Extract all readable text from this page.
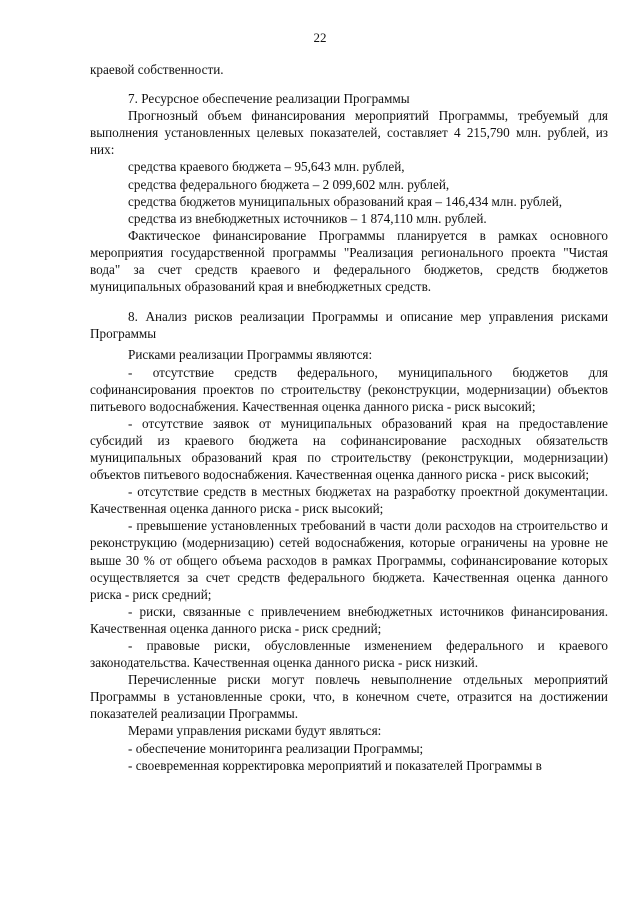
22

краевой собственности.

7. Ресурсное обеспечение реализации Программы

Прогнозный объем финансирования мероприятий Программы, требуемый для выполнения установленных целевых показателей, составляет 4 215,790 млн. рублей, из них:

средства краевого бюджета – 95,643 млн. рублей,

средства федерального бюджета – 2 099,602 млн. рублей,

средства бюджетов муниципальных образований края – 146,434 млн. рублей,

средства из внебюджетных источников – 1 874,110 млн. рублей.

Фактическое финансирование Программы планируется в рамках основного мероприятия государственной программы "Реализация регионального проекта "Чистая вода" за счет средств краевого и федерального бюджетов, средств бюджетов муниципальных образований края и внебюджетных средств.

8. Анализ рисков реализации Программы и описание мер управления рисками Программы

Рисками реализации Программы являются:

- отсутствие средств федерального, муниципального бюджетов для софинансирования проектов по строительству (реконструкции, модернизации) объектов питьевого водоснабжения. Качественная оценка данного риска - риск высокий;

- отсутствие заявок от муниципальных образований края на предоставление субсидий из краевого бюджета на софинансирование расходных обязательств муниципальных образований края по строительству (реконструкции, модернизации) объектов питьевого водоснабжения. Качественная оценка данного риска - риск высокий;

- отсутствие средств в местных бюджетах на разработку проектной документации. Качественная оценка данного риска - риск высокий;

- превышение установленных требований в части доли расходов на строительство и реконструкцию (модернизацию) сетей водоснабжения, которые ограничены на уровне не выше 30 % от общего объема расходов в рамках Программы, софинансирование которых осуществляется за счет средств федерального бюджета. Качественная оценка данного риска - риск средний;

- риски, связанные с привлечением внебюджетных источников финансирования. Качественная оценка данного риска - риск средний;

- правовые риски, обусловленные изменением федерального и краевого законодательства. Качественная оценка данного риска - риск низкий.

Перечисленные риски могут повлечь невыполнение отдельных мероприятий Программы в установленные сроки, что, в конечном счете, отразится на достижении показателей реализации Программы.

Мерами управления рисками будут являться:

- обеспечение мониторинга реализации Программы;

- своевременная корректировка мероприятий и показателей Программы в
